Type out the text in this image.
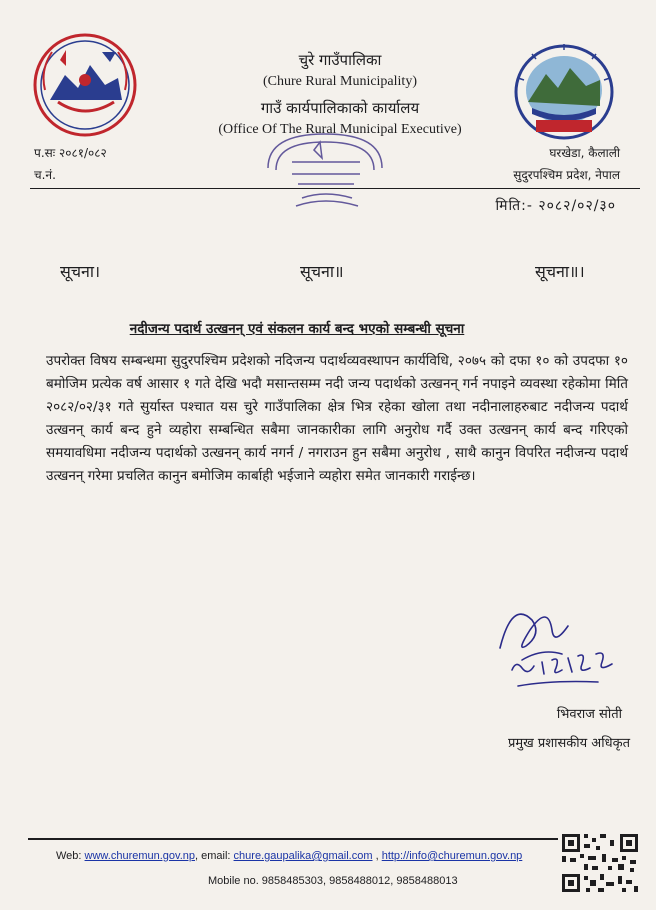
चुरे गाउँपालिका
(Chure Rural Municipality)
गाउँ कार्यपालिकाको कार्यालय
(Office Of The Rural Municipal Executive)
प.सः २०८१/०८२
च.नं.
घरखेडा, कैलाली
सुदुरपश्चिम प्रदेश, नेपाल
मिति:- २०८२/०२/३०
सूचना।	सूचना॥	सूचना॥।
नदीजन्य पदार्थ उत्खनन् एवं संकलन कार्य बन्द भएको सम्बन्धी सूचना
उपरोक्त विषय सम्बन्धमा सुदुरपश्चिम प्रदेशको नदिजन्य पदार्थव्यवस्थापन कार्यविधि, २०७५ को दफा १० को उपदफा १० बमोजिम प्रत्येक वर्ष आसार १ गते देखि भदौ मसान्तसम्म नदी जन्य पदार्थको उत्खनन् गर्न नपाइने व्यवस्था रहेकोमा मिति २०८२/०२/३१ गते सुर्यास्त पश्चात यस चुरे गाउँपालिका क्षेत्र भित्र रहेका खोला तथा नदीनालाहरुबाट नदीजन्य पदार्थ उत्खनन् कार्य बन्द हुने व्यहोरा सम्बन्धित सबैमा जानकारीका लागि अनुरोध गर्दै उक्त उत्खनन् कार्य बन्द गरिएको समयावधिमा नदीजन्य पदार्थको उत्खनन् कार्य नगर्न / नगराउन हुन सबैमा अनुरोध , साथै कानुन विपरित नदीजन्य पदार्थ उत्खनन् गरेमा प्रचलित कानुन बमोजिम कार्बाही भईजाने व्यहोरा समेत जानकारी गराईन्छ।
भिवराज सोती
प्रमुख प्रशासकीय अधिकृत
Web: www.churemun.gov.np, email: chure.gaupalika@gmail.com , http://info@churemun.gov.np
Mobile no. 9858485303, 9858488012, 9858488013
